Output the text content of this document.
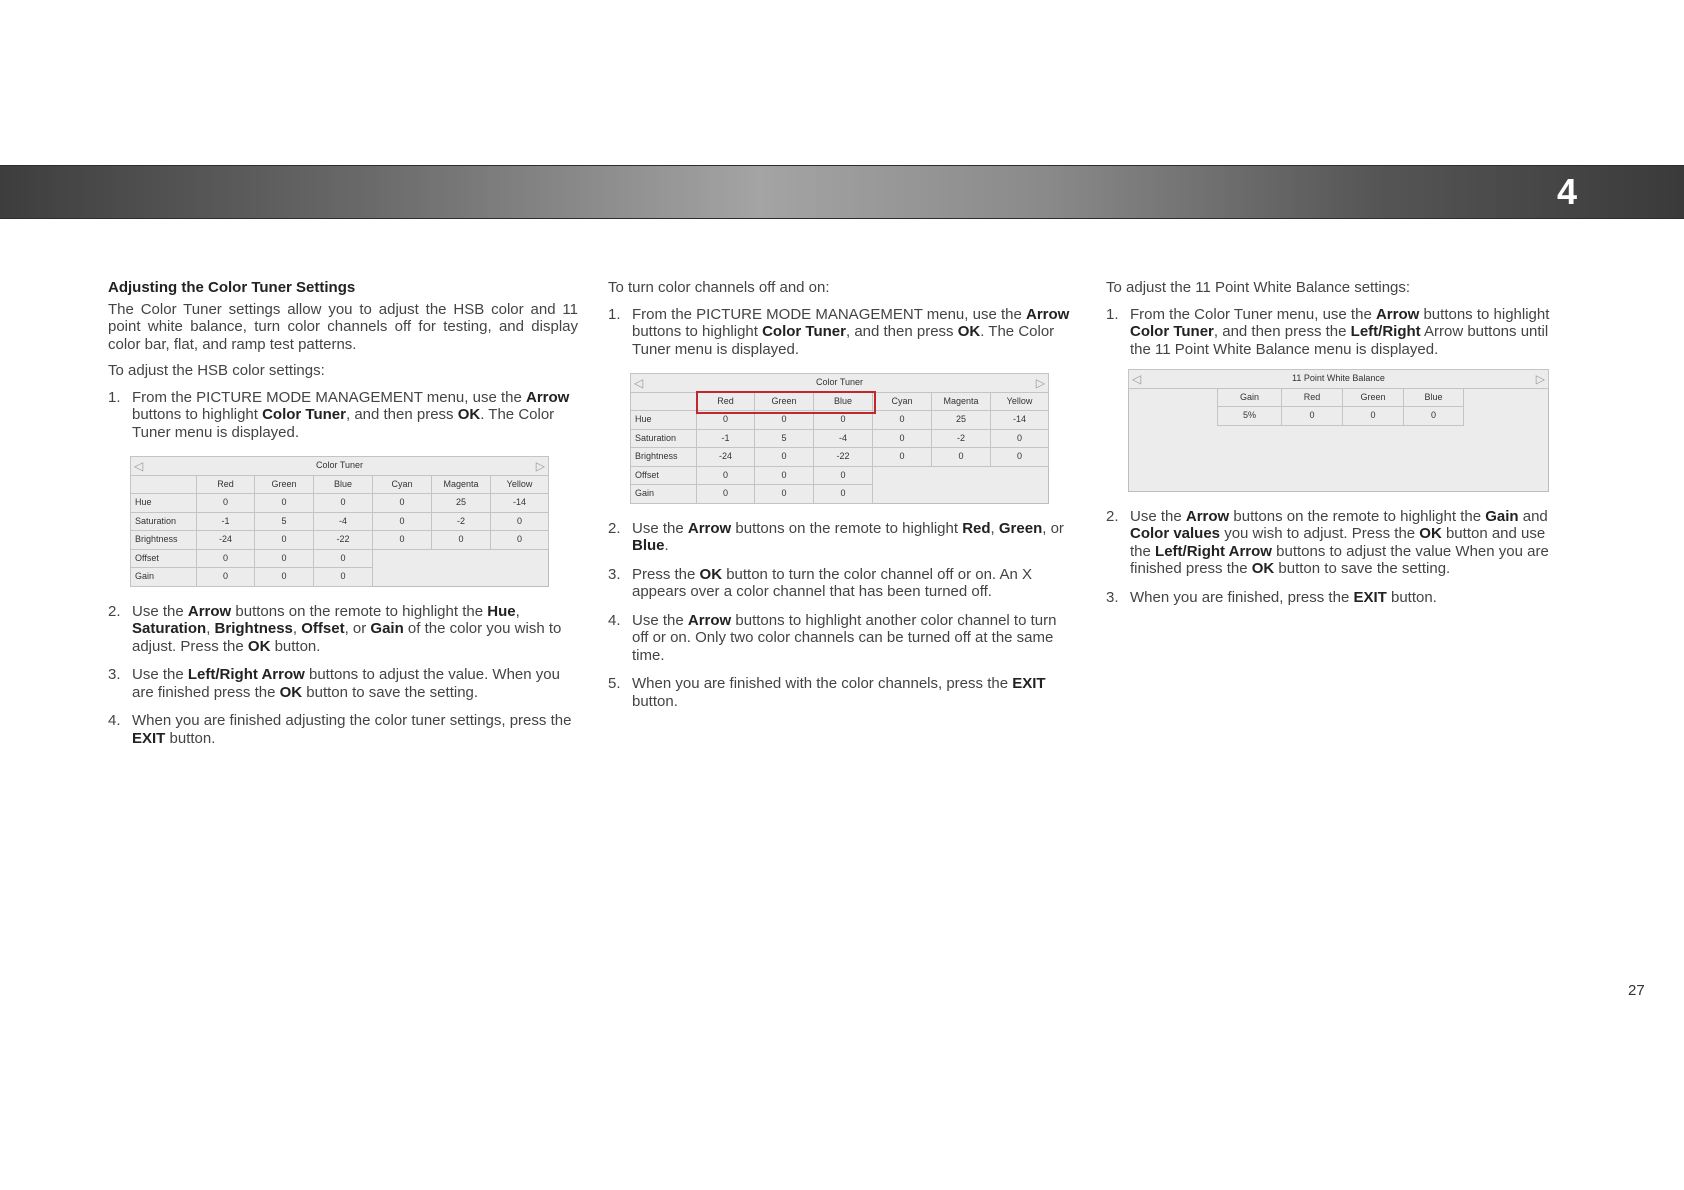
4
Adjusting the Color Tuner Settings
The Color Tuner settings allow you to adjust the HSB color and 11 point white balance, turn color channels off for testing, and display color bar, flat, and ramp test patterns.
To adjust the HSB color settings:
1. From the PICTURE MODE MANAGEMENT menu, use the Arrow buttons to highlight Color Tuner, and then press OK. The Color Tuner menu is displayed.
◁ Color Tuner ▷						

	Red	Green	Blue	Cyan	Magenta	Yellow
Hue	0	0	0	0	25	-14
Saturation	-1	5	-4	0	-2	0
Brightness	-24	0	-22	0	0	0
Offset	0	0	0			
Gain	0	0	0			
2. Use the Arrow buttons on the remote to highlight the Hue, Saturation, Brightness, Offset, or Gain of the color you wish to adjust. Press the OK button.
3. Use the Left/Right Arrow buttons to adjust the value. When you are finished press the OK button to save the setting.
4. When you are finished adjusting the color tuner settings, press the EXIT button.
To turn color channels off and on:
1. From the PICTURE MODE MANAGEMENT menu, use the Arrow buttons to highlight Color Tuner, and then press OK. The Color Tuner menu is displayed.
◁ Color Tuner ▷						

	Red	Green	Blue	Cyan	Magenta	Yellow
Hue	0	0	0	0	25	-14
Saturation	-1	5	-4	0	-2	0
Brightness	-24	0	-22	0	0	0
Offset	0	0	0			
Gain	0	0	0			
2. Use the Arrow buttons on the remote to highlight Red, Green, or Blue.
3. Press the OK button to turn the color channel off or on. An X appears over a color channel that has been turned off.
4. Use the Arrow buttons to highlight another color channel to turn off or on. Only two color channels can be turned off at the same time.
5. When you are finished with the color channels, press the EXIT button.
To adjust the 11 Point White Balance settings:
1. From the Color Tuner menu, use the Arrow buttons to highlight Color Tuner, and then press the Left/Right Arrow buttons until the 11 Point White Balance menu is displayed.
◁ 11 Point White Balance ▷					

	Gain	Red	Green	Blue	
	5%	0	0	0	

2. Use the Arrow buttons on the remote to highlight the Gain and Color values you wish to adjust. Press the OK button and use the Left/Right Arrow buttons to adjust the value When you are finished press the OK button to save the setting.
3. When you are finished, press the EXIT button.
27
